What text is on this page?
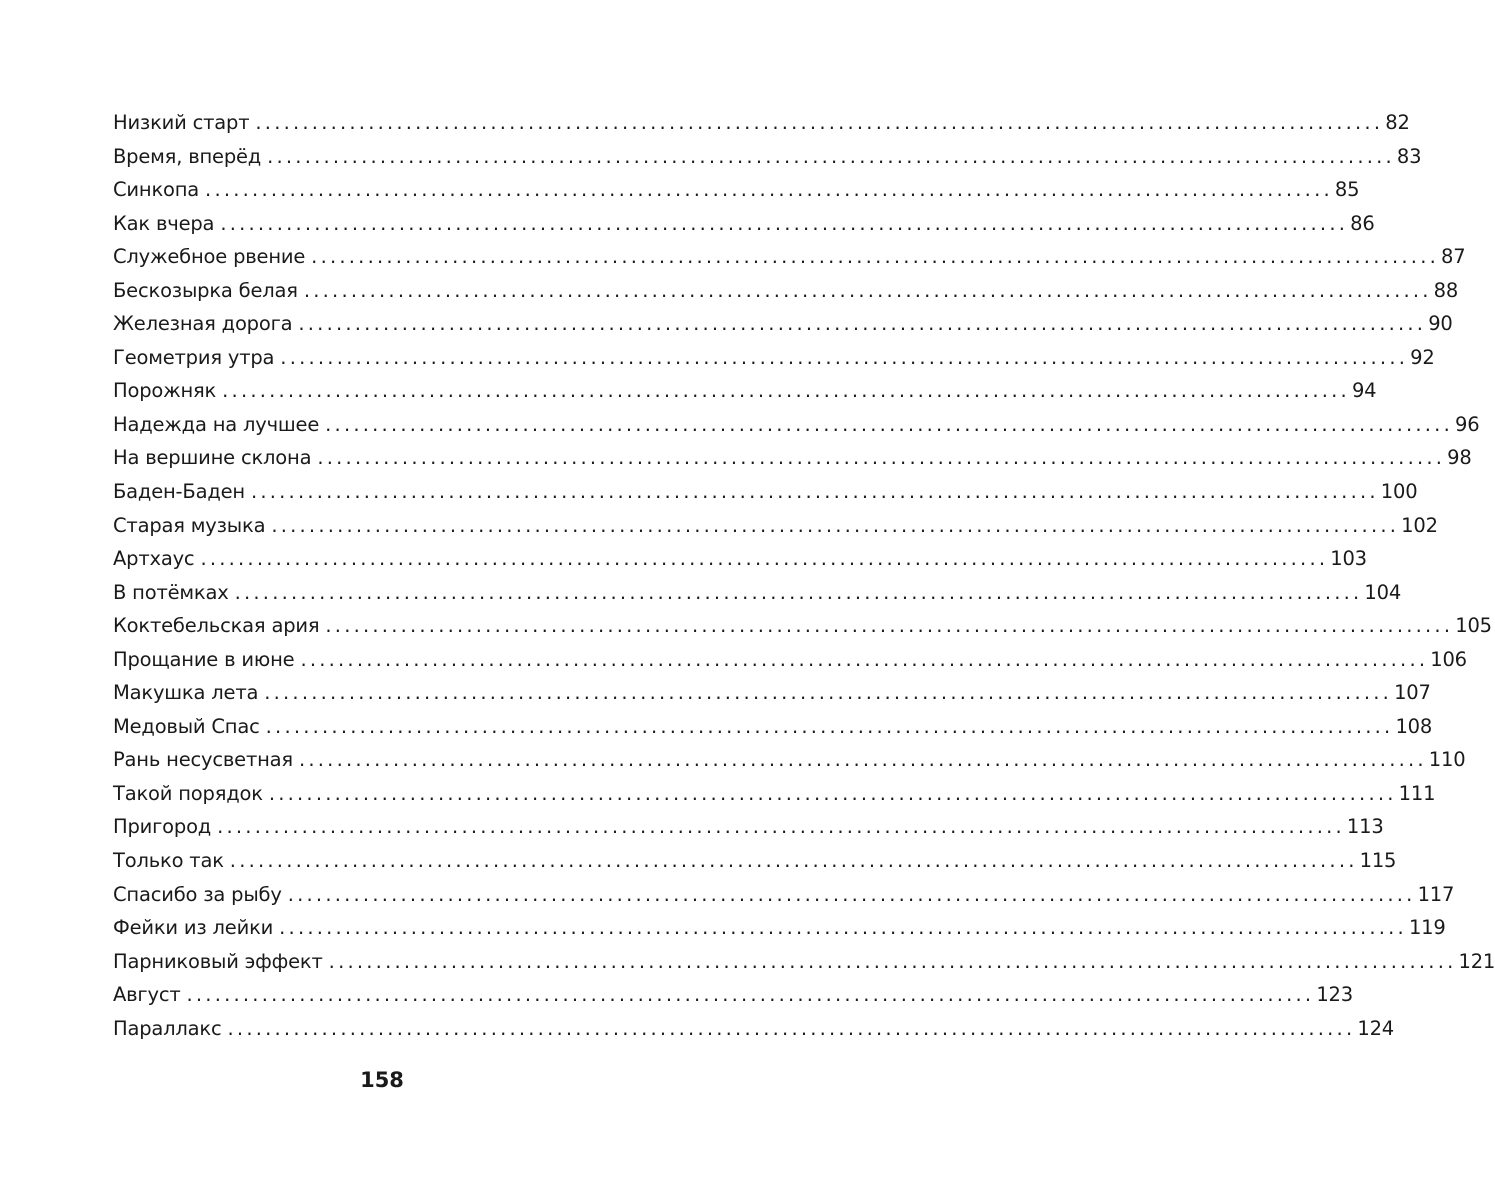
Низкий старт ........................................................................................................................ 82
Время, вперёд ........................................................................................................................ 83
Синкопа ........................................................................................................................ 85
Как вчера ........................................................................................................................ 86
Служебное рвение ........................................................................................................................ 87
Бескозырка белая ........................................................................................................................ 88
Железная дорога ........................................................................................................................ 90
Геометрия утра ........................................................................................................................ 92
Порожняк ........................................................................................................................ 94
Надежда на лучшее ........................................................................................................................ 96
На вершине склона ........................................................................................................................ 98
Баден-Баден ........................................................................................................................ 100
Старая музыка ........................................................................................................................ 102
Артхаус ........................................................................................................................ 103
В потёмках ........................................................................................................................ 104
Коктебельская ария ........................................................................................................................ 105
Прощание в июне ........................................................................................................................ 106
Макушка лета ........................................................................................................................ 107
Медовый Спас ........................................................................................................................ 108
Рань несусветная ........................................................................................................................ 110
Такой порядок ........................................................................................................................ 111
Пригород ........................................................................................................................ 113
Только так ........................................................................................................................ 115
Спасибо за рыбу ........................................................................................................................ 117
Фейки из лейки ........................................................................................................................ 119
Парниковый эффект ........................................................................................................................ 121
Август ........................................................................................................................ 123
Параллакс ........................................................................................................................ 124
158
